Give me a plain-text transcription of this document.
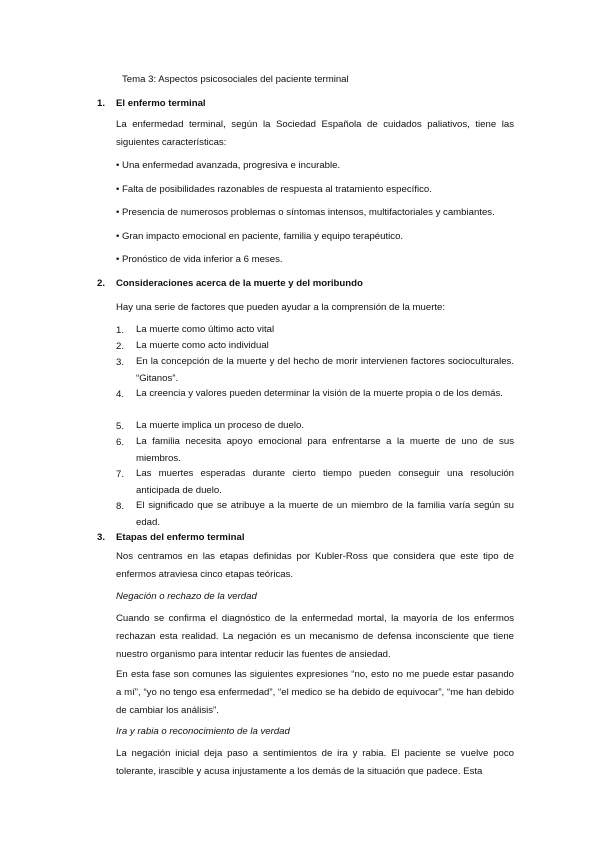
Tema 3: Aspectos psicosociales del paciente terminal
1. El enfermo terminal
La enfermedad terminal, según la Sociedad Española de cuidados paliativos, tiene las siguientes características:
• Una enfermedad avanzada, progresiva e incurable.
• Falta de posibilidades razonables de respuesta al tratamiento específico.
• Presencia de numerosos problemas o síntomas intensos, multifactoriales y cambiantes.
• Gran impacto emocional en paciente, familia y equipo terapéutico.
• Pronóstico de vida inferior a 6 meses.
2. Consideraciones acerca de la muerte y del moribundo
Hay una serie de factores que pueden ayudar a la comprensión de la muerte:
1. La muerte como último acto vital
2. La muerte como acto individual
3. En la concepción de la muerte y del hecho de morir intervienen factores socioculturales. “Gitanos”.
4. La creencia y valores pueden determinar la visión de la muerte propia o de los demás.
5. La muerte implica un proceso de duelo.
6. La familia necesita apoyo emocional para enfrentarse a la muerte de uno de sus miembros.
7. Las muertes esperadas durante cierto tiempo pueden conseguir una resolución anticipada de duelo.
8. El significado que se atribuye a la muerte de un miembro de la familia varía según su edad.
3. Etapas del enfermo terminal
Nos centramos en las etapas definidas por Kubler-Ross que considera que este tipo de enfermos atraviesa cinco etapas teóricas.
Negación o rechazo de la verdad
Cuando se confirma el diagnóstico de la enfermedad mortal, la mayoría de los enfermos rechazan esta realidad. La negación es un mecanismo de defensa inconsciente que tiene nuestro organismo para intentar reducir las fuentes de ansiedad.
En esta fase son comunes las siguientes expresiones “no, esto no me puede estar pasando a mí”, “yo no tengo esa enfermedad”, “el medico se ha debido de equivocar”, “me han debido de cambiar los análisis”.
Ira y rabia o reconocimiento de la verdad
La negación inicial deja paso a sentimientos de ira y rabia. El paciente se vuelve poco tolerante, irascible y acusa injustamente a los demás de la situación que padece. Esta
